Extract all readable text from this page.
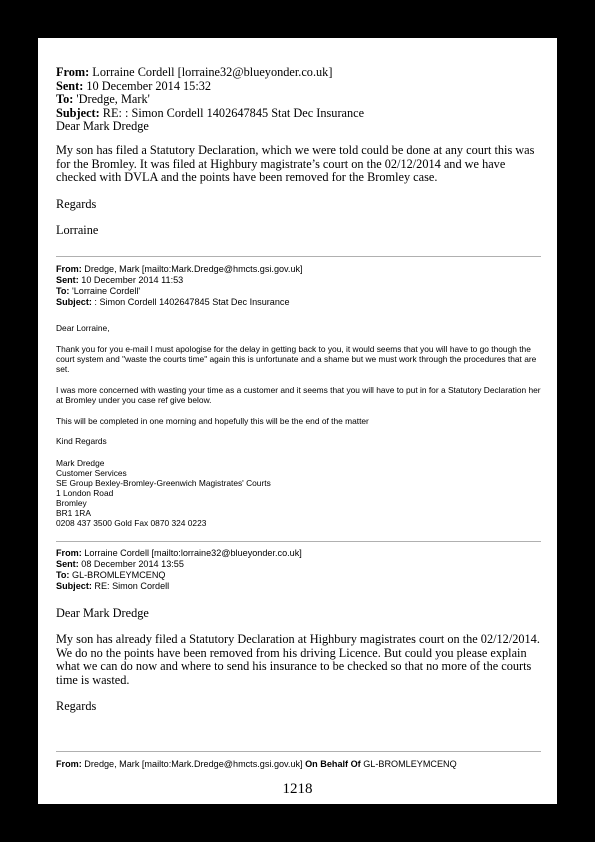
From: Lorraine Cordell [lorraine32@blueyonder.co.uk]
Sent: 10 December 2014 15:32
To: 'Dredge, Mark'
Subject: RE: : Simon Cordell 1402647845 Stat Dec Insurance
Dear Mark Dredge
My son has filed a Statutory Declaration, which we were told could be done at any court this was for the Bromley. It was filed at Highbury magistrate’s court on the 02/12/2014 and we have checked with DVLA and the points have been removed for the Bromley case.
Regards
Lorraine
From: Dredge, Mark [mailto:Mark.Dredge@hmcts.gsi.gov.uk]
Sent: 10 December 2014 11:53
To: 'Lorraine Cordell'
Subject: : Simon Cordell 1402647845 Stat Dec Insurance
Dear Lorraine,
Thank you for you e-mail I must apologise for the delay in getting back to you, it would seems that you will have to go though the court system and "waste the courts time" again this is unfortunate and a shame but we must work through the procedures that are set.
I was more concerned with wasting your time as a customer and it seems that you will have to put in for a Statutory Declaration her at Bromley under you case ref give below.
This will be completed in one morning and hopefully this will be the end of the matter
Kind Regards
Mark Dredge
Customer Services
SE Group Bexley-Bromley-Greenwich Magistrates' Courts
1 London Road
Bromley
BR1 1RA
0208 437 3500 Gold Fax 0870 324 0223
From: Lorraine Cordell [mailto:lorraine32@blueyonder.co.uk]
Sent: 08 December 2014 13:55
To: GL-BROMLEYMCENQ
Subject: RE: Simon Cordell
Dear Mark Dredge
My son has already filed a Statutory Declaration at Highbury magistrates court on the 02/12/2014. We do no the points have been removed from his driving Licence. But could you please explain what we can do now and where to send his insurance to be checked so that no more of the courts time is wasted.
Regards
From: Dredge, Mark [mailto:Mark.Dredge@hmcts.gsi.gov.uk] On Behalf Of GL-BROMLEYMCENQ
1218
